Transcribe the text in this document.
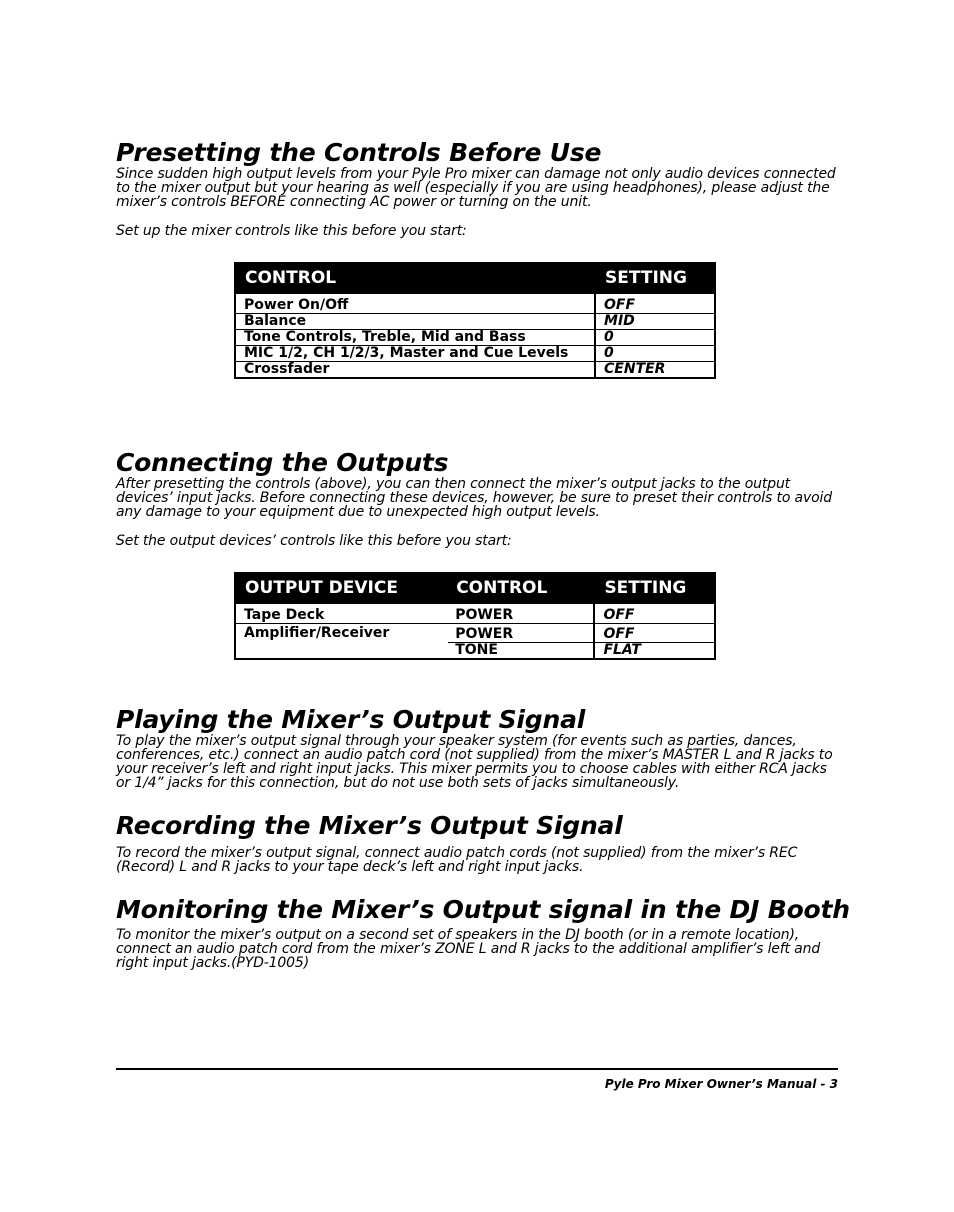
Presetting the Controls Before Use

Since sudden high output levels from your Pyle Pro mixer can damage not only audio devices connected to the mixer output but your hearing as well (especially if you are using headphones), please adjust the mixer’s controls BEFORE connecting AC power or turning on the unit.

Set up the mixer controls like this before you start:

CONTROL	SETTING

Power On/Off	OFF
Balance	MID
Tone Controls, Treble, Mid and Bass	0
MIC 1/2, CH 1/2/3, Master and Cue Levels	0
Crossfader	CENTER
Connecting the Outputs

After presetting the controls (above), you can then connect the mixer’s output jacks to the output devices’ input jacks. Before connecting these devices, however, be sure to preset their controls to avoid any damage to your equipment due to unexpected high output levels.

Set the output devices’ controls like this before you start:

OUTPUT DEVICE	CONTROL	SETTING

Tape Deck	POWER	OFF
Amplifier/Receiver	POWER	OFF
	TONE	FLAT
Playing the Mixer’s Output Signal

To play the mixer’s output signal through your speaker system (for events such as parties, dances, conferences, etc.) connect an audio patch cord (not supplied) from the mixer’s MASTER L and R jacks to your receiver’s left and right input jacks. This mixer permits you to choose cables with either RCA jacks or 1/4” jacks for this connection, but do not use both sets of jacks simultaneously.

Recording the Mixer’s Output Signal

To record the mixer’s output signal, connect audio patch cords (not supplied) from the mixer’s REC (Record) L and R jacks to your tape deck’s left and right input jacks.

Monitoring the Mixer’s Output signal in the DJ Booth

To monitor the mixer’s output on a second set of speakers in the DJ booth (or in a remote location), connect an audio patch cord from the mixer’s ZONE L and R jacks to the additional amplifier’s left and right input jacks.(PYD-1005)

Pyle Pro Mixer Owner’s Manual - 3
